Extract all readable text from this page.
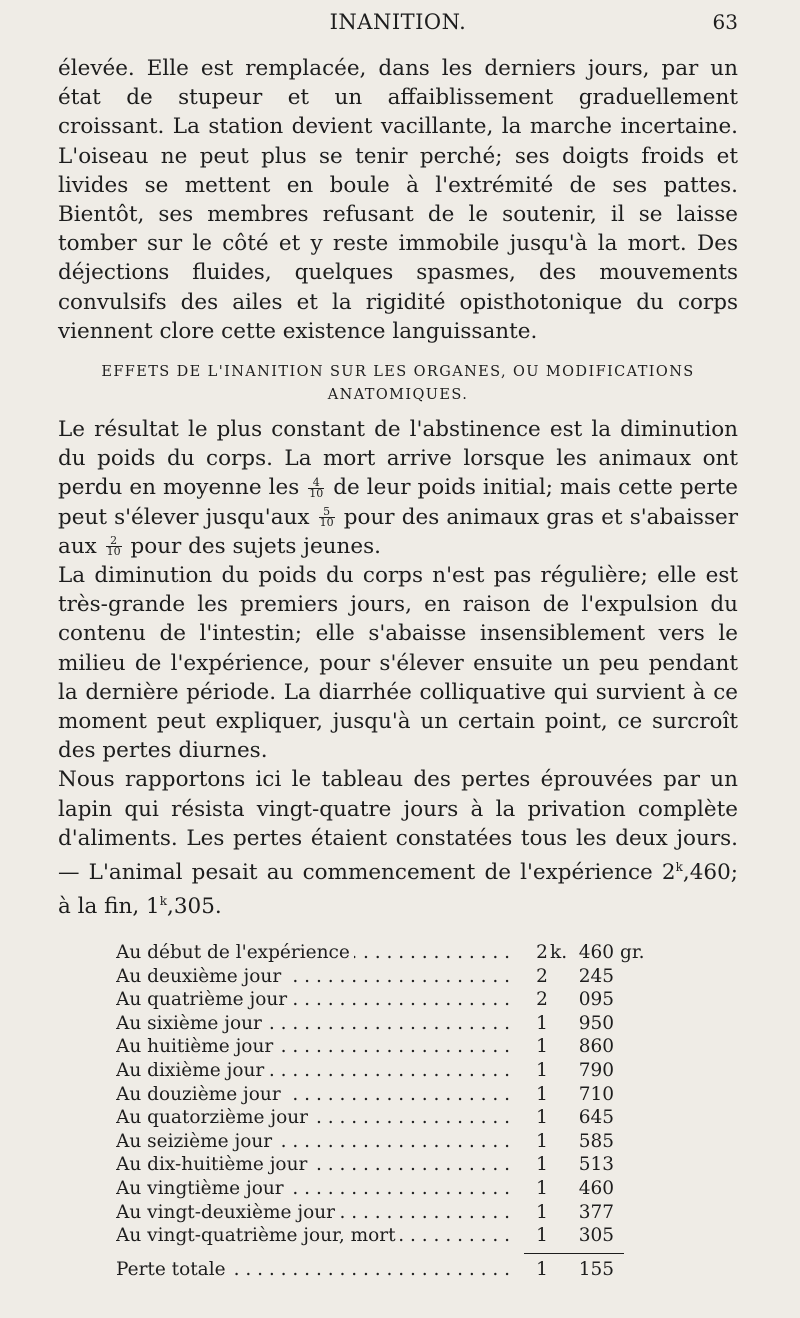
INANITION.	63

élevée. Elle est remplacée, dans les derniers jours, par un état de stupeur et un affaiblissement graduellement croissant. La station devient vacillante, la marche incertaine. L'oiseau ne peut plus se tenir perché; ses doigts froids et livides se mettent en boule à l'extrémité de ses pattes. Bientôt, ses membres refusant de le soutenir, il se laisse tomber sur le côté et y reste immobile jusqu'à la mort. Des déjections fluides, quelques spasmes, des mouvements convulsifs des ailes et la rigidité opisthotonique du corps viennent clore cette existence languissante.

EFFETS DE L'INANITION SUR LES ORGANES, OU MODIFICATIONS ANATOMIQUES.

Le résultat le plus constant de l'abstinence est la diminution du poids du corps. La mort arrive lorsque les animaux ont perdu en moyenne les $\frac{4}{10}$ de leur poids initial; mais cette perte peut s'élever jusqu'aux $\frac{5}{10}$ pour des animaux gras et s'abaisser aux $\frac{2}{10}$ pour des sujets jeunes.

La diminution du poids du corps n'est pas régulière; elle est très-grande les premiers jours, en raison de l'expulsion du contenu de l'intestin; elle s'abaisse insensiblement vers le milieu de l'expérience, pour s'élever ensuite un peu pendant la dernière période. La diarrhée colliquative qui survient à ce moment peut expliquer, jusqu'à un certain point, ce surcroît des pertes diurnes.

Nous rapportons ici le tableau des pertes éprouvées par un lapin qui résista vingt-quatre jours à la privation complète d'aliments. Les pertes étaient constatées tous les deux jours. — L'animal pesait au commencement de l'expérience 2$^k$,460; à la fin, 1$^k$,305.

Au début de l'expérience . . .	2 k. 460 gr.
Au deuxième jour . . .	2 245
Au quatrième jour . . .	2 095
Au sixième jour . . .	1 950
Au huitième jour . . .	1 860
Au dixième jour . . .	1 790
Au douzième jour . . .	1 710
Au quatorzième jour . . .	1 645
Au seizième jour . . .	1 585
Au dix-huitième jour . . .	1 513
Au vingtième jour . . .	1 460
Au vingt-deuxième jour . . .	1 377
Au vingt-quatrième jour, mort . . .	1 305
Perte totale . . .	1 155
